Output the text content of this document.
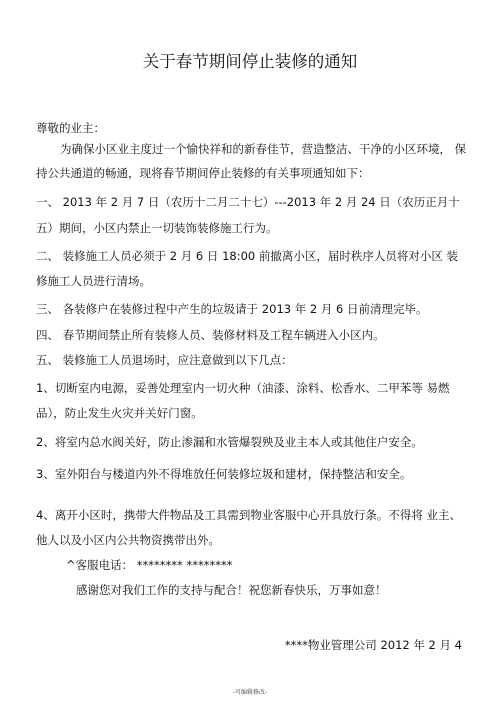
关于春节期间停止装修的通知
尊敬的业主：
为确保小区业主度过一个愉快祥和的新春佳节，营造整洁、干净的小区环境， 保
持公共通道的畅通，现将春节期间停止装修的有关事项通知如下：
一、 2013 年 2 月 7 日（农历十二月二十七）---2013 年 2 月 24 日（农历正月十
五）期间，小区内禁止一切装饰装修施工行为。
二、 装修施工人员必须于 2 月 6 日 18:00 前撤离小区，届时秩序人员将对小区 装
修施工人员进行清场。
三、 各装修户在装修过程中产生的垃圾请于 2013 年 2 月 6 日前清理完毕。
四、 春节期间禁止所有装修人员、装修材料及工程车辆进入小区内。
五、 装修施工人员退场时，应注意做到以下几点：
1、切断室内电源，妥善处理室内一切火种（油漆、涂料、松香水、二甲苯等 易燃
品），防止发生火灾并关好门窗。
2、将室内总水阀关好，防止渗漏和水管爆裂殃及业主本人或其他住户安全。
3、室外阳台与楼道内外不得堆放任何装修垃圾和建材，保持整洁和安全。
4、离开小区时，携带大件物品及工具需到物业客服中心开具放行条。不得将 业主、
他人以及小区内公共物资携带出外。
^客服电话： ******** ********
感谢您对我们工作的支持与配合！祝您新春快乐，万事如意！
****物业管理公司 2012 年 2 月 4
-可编辑修改-
